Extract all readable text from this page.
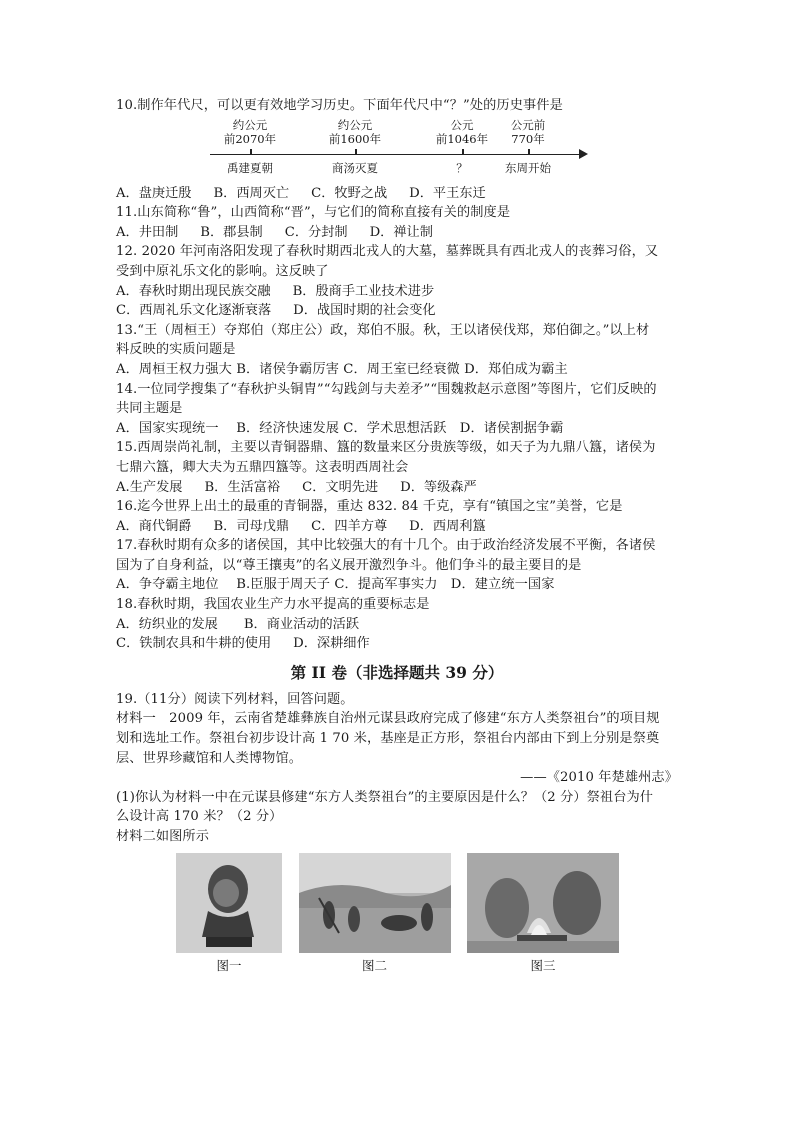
10.制作年代尺，可以更有效地学习历史。下面年代尺中“？”处的历史事件是
约公元
前2070年
约公元
前1600年
公元
前1046年
公元前
770年
禹建夏朝	商汤灭夏	？	东周开始
A．盘庚迁殷	B．西周灭亡	C．牧野之战	D．平王东迁
11.山东简称“鲁”，山西简称“晋”，与它们的简称直接有关的制度是
A．井田制	B．郡县制	C．分封制	D．禅让制
12. 2020 年河南洛阳发现了春秋时期西北戎人的大墓，墓葬既具有西北戎人的丧葬习俗，又
受到中原礼乐文化的影响。这反映了
A．春秋时期出现民族交融	B．殷商手工业技术进步
C．西周礼乐文化逐渐衰落	D．战国时期的社会变化
13.“王（周桓王）夺郑伯（郑庄公）政，郑伯不服。秋，王以诸侯伐郑，郑伯御之。”以上材
料反映的实质问题是
A．周桓王权力强大 B．诸侯争霸厉害 C．周王室已经衰微 D．郑伯成为霸主
14.一位同学搜集了“春秋护头铜胄”“勾践剑与夫差矛”“围魏救赵示意图”等图片，它们反映的
共同主题是
A．国家实现统一　 B．经济快速发展 C．学术思想活跃　D．诸侯割据争霸
15.西周崇尚礼制，主要以青铜器鼎、簋的数量来区分贵族等级，如天子为九鼎八簋，诸侯为
七鼎六簋，卿大夫为五鼎四簋等。这表明西周社会
A.生产发展	B．生活富裕	C．文明先进	D．等级森严
16.迄今世界上出土的最重的青铜器，重达 832. 84 千克，享有“镇国之宝”美誉，它是
A．商代铜爵	B．司母戊鼎	C．四羊方尊	D．西周利簋
17.春秋时期有众多的诸侯国，其中比较强大的有十几个。由于政治经济发展不平衡，各诸侯
国为了自身利益，以“尊王攘夷”的名义展开激烈争斗。他们争斗的最主要目的是
A．争夺霸主地位　 B.臣服于周天子 C．提高军事实力　D．建立统一国家
18.春秋时期，我国农业生产力水平提高的重要标志是
A．纺织业的发展	B．商业活动的活跃
C．铁制农具和牛耕的使用	D．深耕细作
第 II 卷（非选择题共 39 分）
19.（11分）阅读下列材料，回答问题。
材料一　2009 年，云南省楚雄彝族自治州元谋县政府完成了修建“东方人类祭祖台”的项目规
划和选址工作。祭祖台初步设计高 1 70 米，基座是正方形，祭祖台内部由下到上分别是祭奠
层、世界珍藏馆和人类博物馆。
——《2010 年楚雄州志》
(1)你认为材料一中在元谋县修建“东方人类祭祖台”的主要原因是什么？（2 分）祭祖台为什
么设计高 170 米？（2 分）
材料二如图所示
图一	图二	图三
